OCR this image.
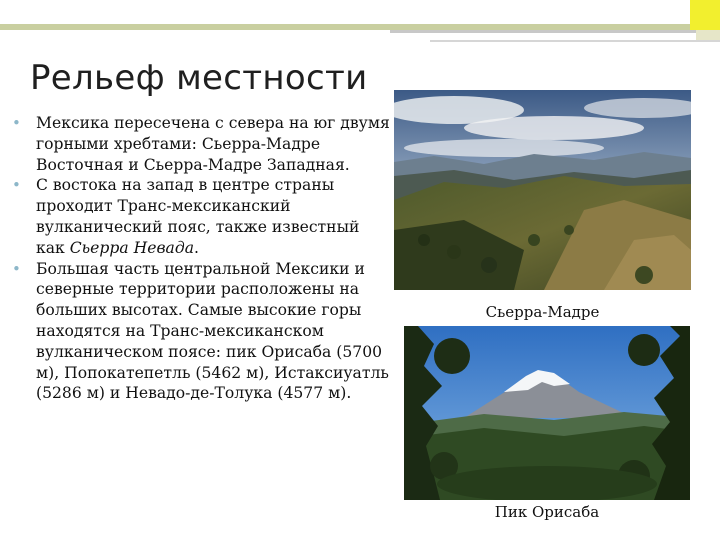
Рельеф местности
• Мексика пересечена с севера на юг двумя горными хребтами: Сьерра-Мадре Восточная и Сьерра-Мадре Западная.
• С востока на запад в центре страны проходит Транс-мексиканский вулканический пояс, также известный как Сьерра Невада.
• Большая часть центральной Мексики и северные территории расположены на больших высотах. Самые высокие горы находятся на Транс-мексиканском вулканическом поясе: пик Орисаба (5700 м), Попокатепетль (5462 м), Истаксиуатль (5286 м) и Невадо-де-Толука (4577 м).
Сьерра-Мадре
Пик Орисаба
